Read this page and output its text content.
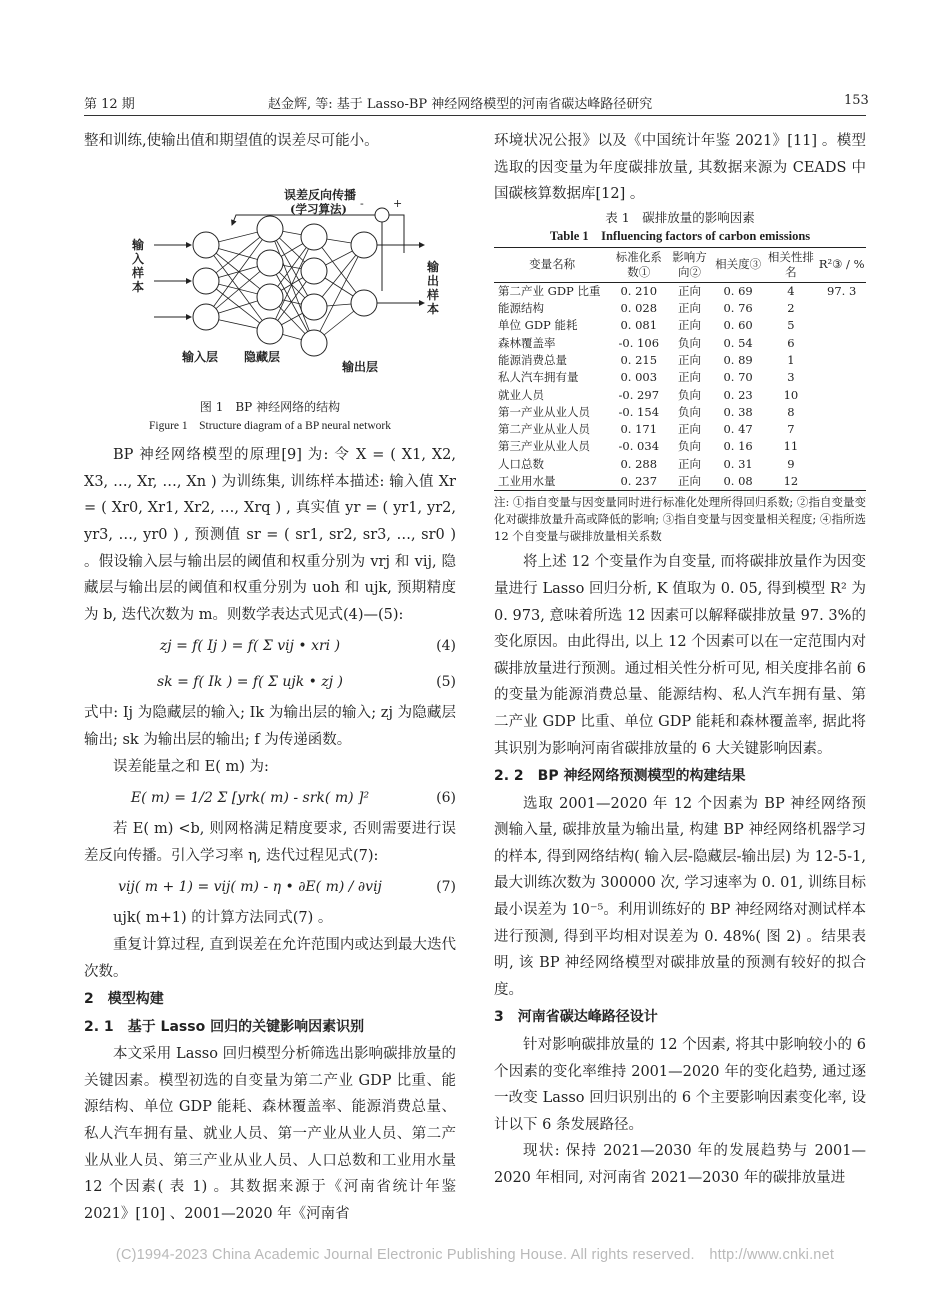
第 12 期	赵金辉, 等: 基于 Lasso-BP 神经网络模型的河南省碳达峰路径研究	153

整和训练,使输出值和期望值的误差尽可能小。

误差反向传播
(学习算法) -	+
输入样本
输出样本
输入层 隐藏层
输出层
图 1　BP 神经网络的结构
Figure 1　Structure diagram of a BP neural network

BP 神经网络模型的原理[9] 为: 令 X = ( X1, X2, X3, …, Xr, …, Xn ) 为训练集, 训练样本描述: 输入值 Xr = ( Xr0, Xr1, Xr2, …, Xrq ) , 真实值 yr = ( yr1, yr2, yr3, …, yr0 ) , 预测值 sr = ( sr1, sr2, sr3, …, sr0 ) 。假设输入层与输出层的阈值和权重分别为 vrj 和 vij, 隐藏层与输出层的阈值和权重分别为 uoh 和 ujk, 预期精度为 b, 迭代次数为 m。则数学表达式见式(4)—(5):

zj = f( Ij ) = f( Σ vij • xri )	(4)
sk = f( Ik ) = f( Σ ujk • zj )	(5)

式中: Ij 为隐藏层的输入; Ik 为输出层的输入; zj 为隐藏层输出; sk 为输出层的输出; f 为传递函数。

误差能量之和 E( m) 为:

E( m) = 1/2 Σ [yrk( m) - srk( m) ]²	(6)

若 E( m) <b, 则网格满足精度要求, 否则需要进行误差反向传播。引入学习率 η, 迭代过程见式(7):

vij( m + 1) = vij( m) - η • ∂E( m) / ∂vij	(7)

ujk( m+1) 的计算方法同式(7) 。

重复计算过程, 直到误差在允许范围内或达到最大迭代次数。

2　模型构建
2. 1　基于 Lasso 回归的关键影响因素识别

本文采用 Lasso 回归模型分析筛选出影响碳排放量的关键因素。模型初选的自变量为第二产业 GDP 比重、能源结构、单位 GDP 能耗、森林覆盖率、能源消费总量、私人汽车拥有量、就业人员、第一产业从业人员、第二产业从业人员、第三产业从业人员、人口总数和工业用水量 12 个因素( 表 1) 。其数据来源于《河南省统计年鉴 2021》[10] 、2001—2020 年《河南省

环境状况公报》以及《中国统计年鉴 2021》[11] 。模型选取的因变量为年度碳排放量, 其数据来源为 CEADS 中国碳核算数据库[12] 。

表 1　碳排放量的影响因素
Table 1　Influencing factors of carbon emissions
变量名称	标准化系数①	影响方向②	相关度③	相关性排名	R²③ / %
第二产业 GDP 比重	0. 210	正向	0. 69	4	97. 3
能源结构	0. 028	正向	0. 76	2	
单位 GDP 能耗	0. 081	正向	0. 60	5	
森林覆盖率	-0. 106	负向	0. 54	6	
能源消费总量	0. 215	正向	0. 89	1	
私人汽车拥有量	0. 003	正向	0. 70	3	
就业人员	-0. 297	负向	0. 23	10	
第一产业从业人员	-0. 154	负向	0. 38	8	
第二产业从业人员	0. 171	正向	0. 47	7	
第三产业从业人员	-0. 034	负向	0. 16	11	
人口总数	0. 288	正向	0. 31	9	
工业用水量	0. 237	正向	0. 08	12	
注: ①指自变量与因变量同时进行标准化处理所得回归系数; ②指自变量变化对碳排放量升高或降低的影响; ③指自变量与因变量相关程度; ④指所选 12 个自变量与碳排放量相关系数

将上述 12 个变量作为自变量, 而将碳排放量作为因变量进行 Lasso 回归分析, K 值取为 0. 05, 得到模型 R² 为 0. 973, 意味着所选 12 因素可以解释碳排放量 97. 3%的变化原因。由此得出, 以上 12 个因素可以在一定范围内对碳排放量进行预测。通过相关性分析可见, 相关度排名前 6 的变量为能源消费总量、能源结构、私人汽车拥有量、第二产业 GDP 比重、单位 GDP 能耗和森林覆盖率, 据此将其识别为影响河南省碳排放量的 6 大关键影响因素。

2. 2　BP 神经网络预测模型的构建结果

选取 2001—2020 年 12 个因素为 BP 神经网络预测输入量, 碳排放量为输出量, 构建 BP 神经网络机器学习的样本, 得到网络结构( 输入层-隐藏层-输出层) 为 12-5-1, 最大训练次数为 300000 次, 学习速率为 0. 01, 训练目标最小误差为 10⁻⁵。利用训练好的 BP 神经网络对测试样本进行预测, 得到平均相对误差为 0. 48%( 图 2) 。结果表明, 该 BP 神经网络模型对碳排放量的预测有较好的拟合度。

3　河南省碳达峰路径设计

针对影响碳排放量的 12 个因素, 将其中影响较小的 6 个因素的变化率维持 2001—2020 年的变化趋势, 通过逐一改变 Lasso 回归识别出的 6 个主要影响因素变化率, 设计以下 6 条发展路径。

现状: 保持 2021—2030 年的发展趋势与 2001—2020 年相同, 对河南省 2021—2030 年的碳排放量进

(C)1994-2023 China Academic Journal Electronic Publishing House. All rights reserved.　http://www.cnki.net
